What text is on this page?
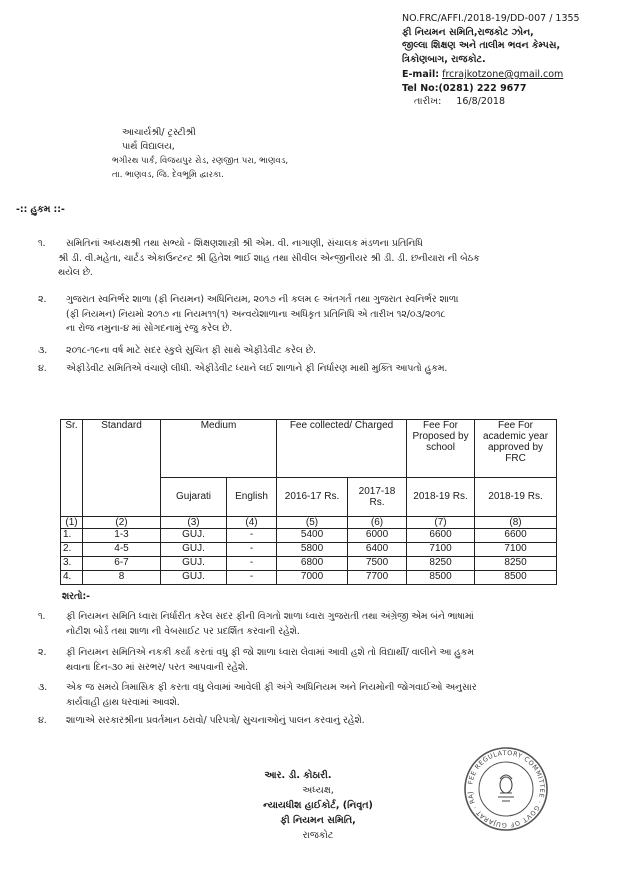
NO.FRC/AFFI./2018-19/DD-007 / 1355
ફી નિયમન સમિતિ,રાજકોટ ઝોન,
જીલ્લા શિક્ષણ અને તાલીમ ભવન કેમ્પસ,
ત્રિકોણબાગ, રાજકોટ.
E-mail: frcrajkotzone@gmail.com
Tel No:(0281) 222 9677
તારીખ: 16/8/2018
આચાર્યશ્રી/ ટ્રસ્ટીશ્રી
પાર્થ વિદ્યાલય,
ભગીરથ પાર્ક, વિજયપુર રોડ, રણજીત પરા, ભાણવડ,
તા. ભાણવડ, જિ. દેવભૂમિ દ્વારકા.
-:: હુકમ ::-
૧. સમિતિનાં અધ્યક્ષશ્રી તથા સભ્યો - શિક્ષણશાસ્ત્રી શ્રી એમ. વી. નાગાણી, સંચાલક મંડળના પ્રતિનિધિ
શ્રી ડી. વી.મહેતા, ચાર્ટડ એકાઉન્ટન્ટ શ્રી હિતેશ ભાઈ શાહ તથા સીવીલ એન્જીનીયર શ્રી ડી. ડી. છનીયારા ની બેઠક
થયેલ છે.
૨. ગુજરાત સ્વનિર્ભર શાળા (ફી નિયમન) અધિનિયમ, ૨૦૧૭ ની કલમ ૯ અંતગર્ત તથા ગુજરાત સ્વનિર્ભર શાળા
(ફી નિયમન) નિયમો ૨૦૧૭ ના નિયમ૧૧(૧) અન્વયેશાળાના અધિકૃત પ્રતિનિધિ એ તારીખ ૧૨/૦૩/૨૦૧૮
ના રોજ નમુના-૪ માં સોગદનામું રજુ કરેલ છે.
૩. ૨૦૧૮-૧૯ના વર્ષ માટે સદર સ્કુલે સુચિત ફી સાથે એફીડેવીટ કરેલ છે.
૪. એફીડેવીટ સમિતિએ વંચાણે લીધી. એફીડેવીટ ધ્યાને લઈ શાળાને ફી નિર્ધારણ માથી મુક્તિ આપતો હુકમ.
Sr.	Standard	Medium		Fee collected/ Charged		Fee For Proposed by school	Fee For academic year approved by FRC
		Gujarati	English	2016-17 Rs.	2017-18 Rs.	2018-19 Rs.	2018-19 Rs.
(1)	(2)	(3)	(4)	(5)	(6)	(7)	(8)
1.	1-3	GUJ.	-	5400	6000	6600	6600
2.	4-5	GUJ.	-	5800	6400	7100	7100
3.	6-7	GUJ.	-	6800	7500	8250	8250
4.	8	GUJ.	-	7000	7700	8500	8500
શરતો:-
૧. ફી નિયમન સમિતિ ધ્વારા નિર્ધારીત કરેલ સદર ફીની વિગતો શાળા ધ્વારા ગુજરાતી તથા અંગ્રેજી એમ બંને ભાષામાં
નોટીશ બોર્ડ તથા શાળા ની વેબસાઈટ પર પ્રદર્શિત કરવાની રહેશે.
૨. ફી નિયમન સમિતિએ નકકી કર્યા કરતાં વધુ ફી જો શાળા ધ્વારા લેવામાં આવી હશે તો વિદ્યાર્થી/ વાલીને આ હુકમ
થવાના દિન-૩૦ માં સરભર/ પરત આપવાની રહેશે.
૩. એક જ સમયે ત્રિમાસિક ફી કરતા વધુ લેવામાં આવેલી ફી અંગે અધિનિયમ અને નિયમોની જોગવાઈઓ અનુસાર
કાર્યવાહી હાથ ધરવામાં આવશે.
૪. શાળાએ સરકારશ્રીના પ્રવર્તમાન ઠરાવો/ પરિપત્રો/ સુચનાઓનું પાલન કરવાનું રહેશે.
આર. ડી. કોઠારી.
અધ્યક્ષ,
ન્યાયધીશ હાઈકોર્ટ, (નિવૃત)
ફી નિયમન સમિતિ,
રાજકોટ
FEE REGULATORY COMMITTEE · GOVT OF GUJARAT · RAJ
